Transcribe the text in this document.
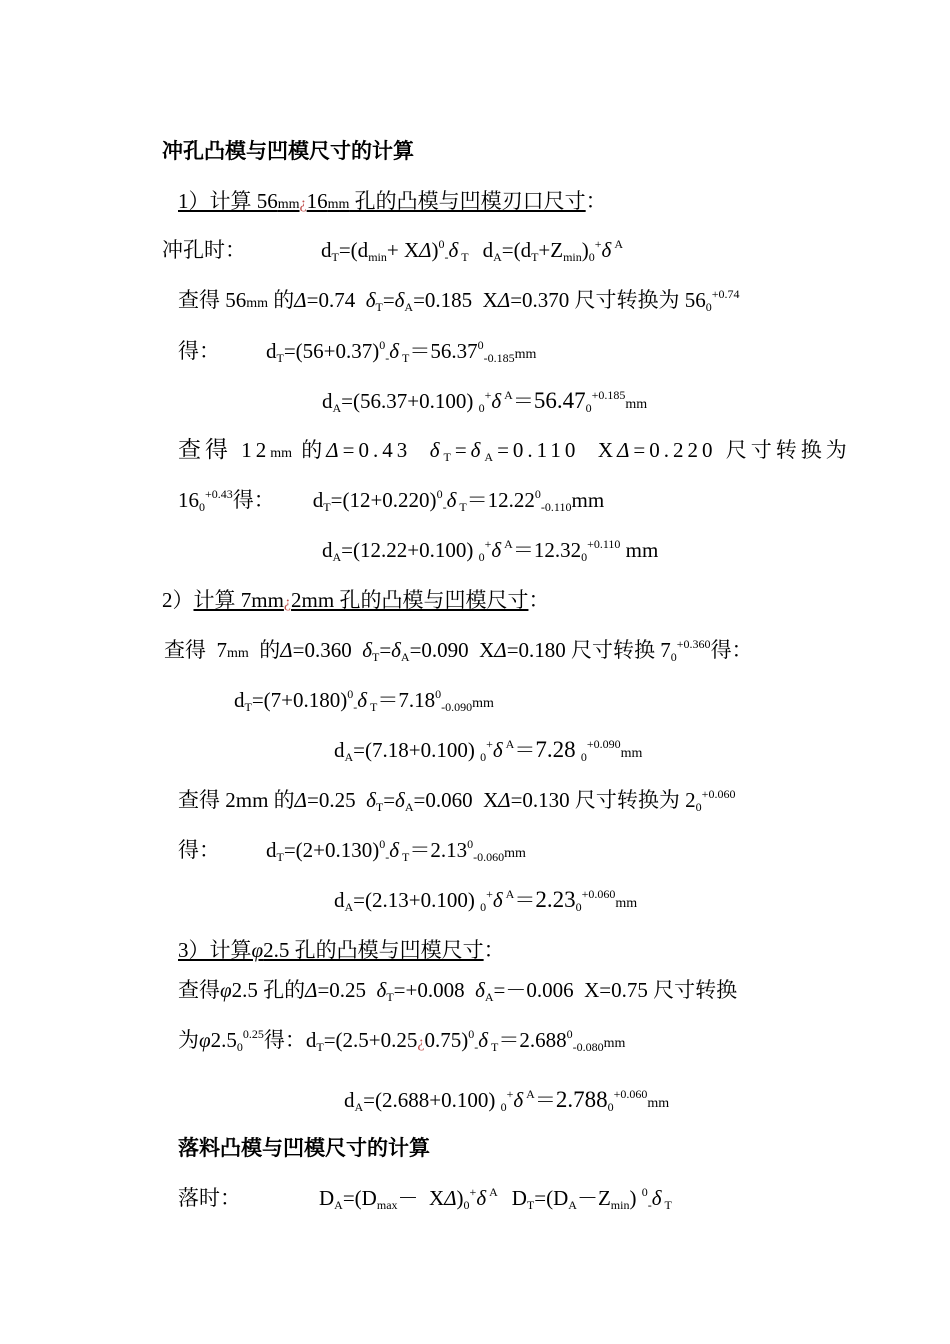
冲孔凸模与凹模尺寸的计算
1）计算 56mm¿16mm 孔的凸模与凹模刃口尺寸：
冲孔时：	$d_T=(d_{min}+ X\Delta)^0_-\delta$ $_T$ $d_A=(d_T+Z_{min})_0^+\delta$ $^A$
查得 56mm 的Δ=0.74  $\delta_T=\delta_A=0.185$  XΔ=0.370 尺寸转换为 $56_0^{+0.74}$
得： $d_T=(56+0.37)^0_-\delta$ $_T=56.37^0_{-0.185}mm$
$d_A=(56.37+0.100)$ $_0$+δ $^A=56.47_0^{+0.185}mm$
查得 12mm 的Δ=0.43  $\delta_T=\delta_A=0.110$  XΔ=0.220 尺寸转换为
$16_0^{+0.43}$得： $d_T=(12+0.220)^0_-\delta$ $_T=12.22^0_{-0.110}mm$
$d_A=(12.22+0.100)$ $_0$+δ $^A=12.32_0^{+0.110}$ mm
2）计算 7mm¿2mm 孔的凸模与凹模尺寸：
查得  7mm  的Δ=0.360  $\delta_T=\delta_A=0.090$  XΔ=0.180 尺寸转换 $7_0^{+0.360}$得：
$d_T=(7+0.180)^0_-\delta$ $_T=7.18^0_{-0.090}mm$
$d_A=(7.18+0.100)$ $_0$+δ $^A$＝7.28 $_0^{+0.090}$mm
查得 2mm 的Δ=0.25  $\delta_T=\delta_A=0.060$  XΔ=0.130 尺寸转换为 $2_0^{+0.060}$
得： $d_T=(2+0.130)^0_-\delta$ $_T=2.13^0_{-0.060}mm$
$d_A=(2.13+0.100)$ $_0$+δ $^A=2.23_0^{+0.060}mm$
3）计算φ2.5 孔的凸模与凹模尺寸：
查得φ2.5 孔的Δ=0.25  $\delta_T=+0.008$  $\delta_A=-0.006$  X=0.75 尺寸转换
为$\varphi 2.5_0^{0.25}$得：$d_T=(2.5+0.25¿0.75)^0_-\delta$ $_T=2.688^0_{-0.080}mm$
$d_A=(2.688+0.100)$ $_0$+δ $^A=2.788_0^{+0.060}mm$
落料凸模与凹模尺寸的计算
落时：	$D_A=(D_{max}- X\Delta)_0^+\delta$ $^A$ $D_T=(D_A-Z_{min})$ $^0_-$δ $_T$
